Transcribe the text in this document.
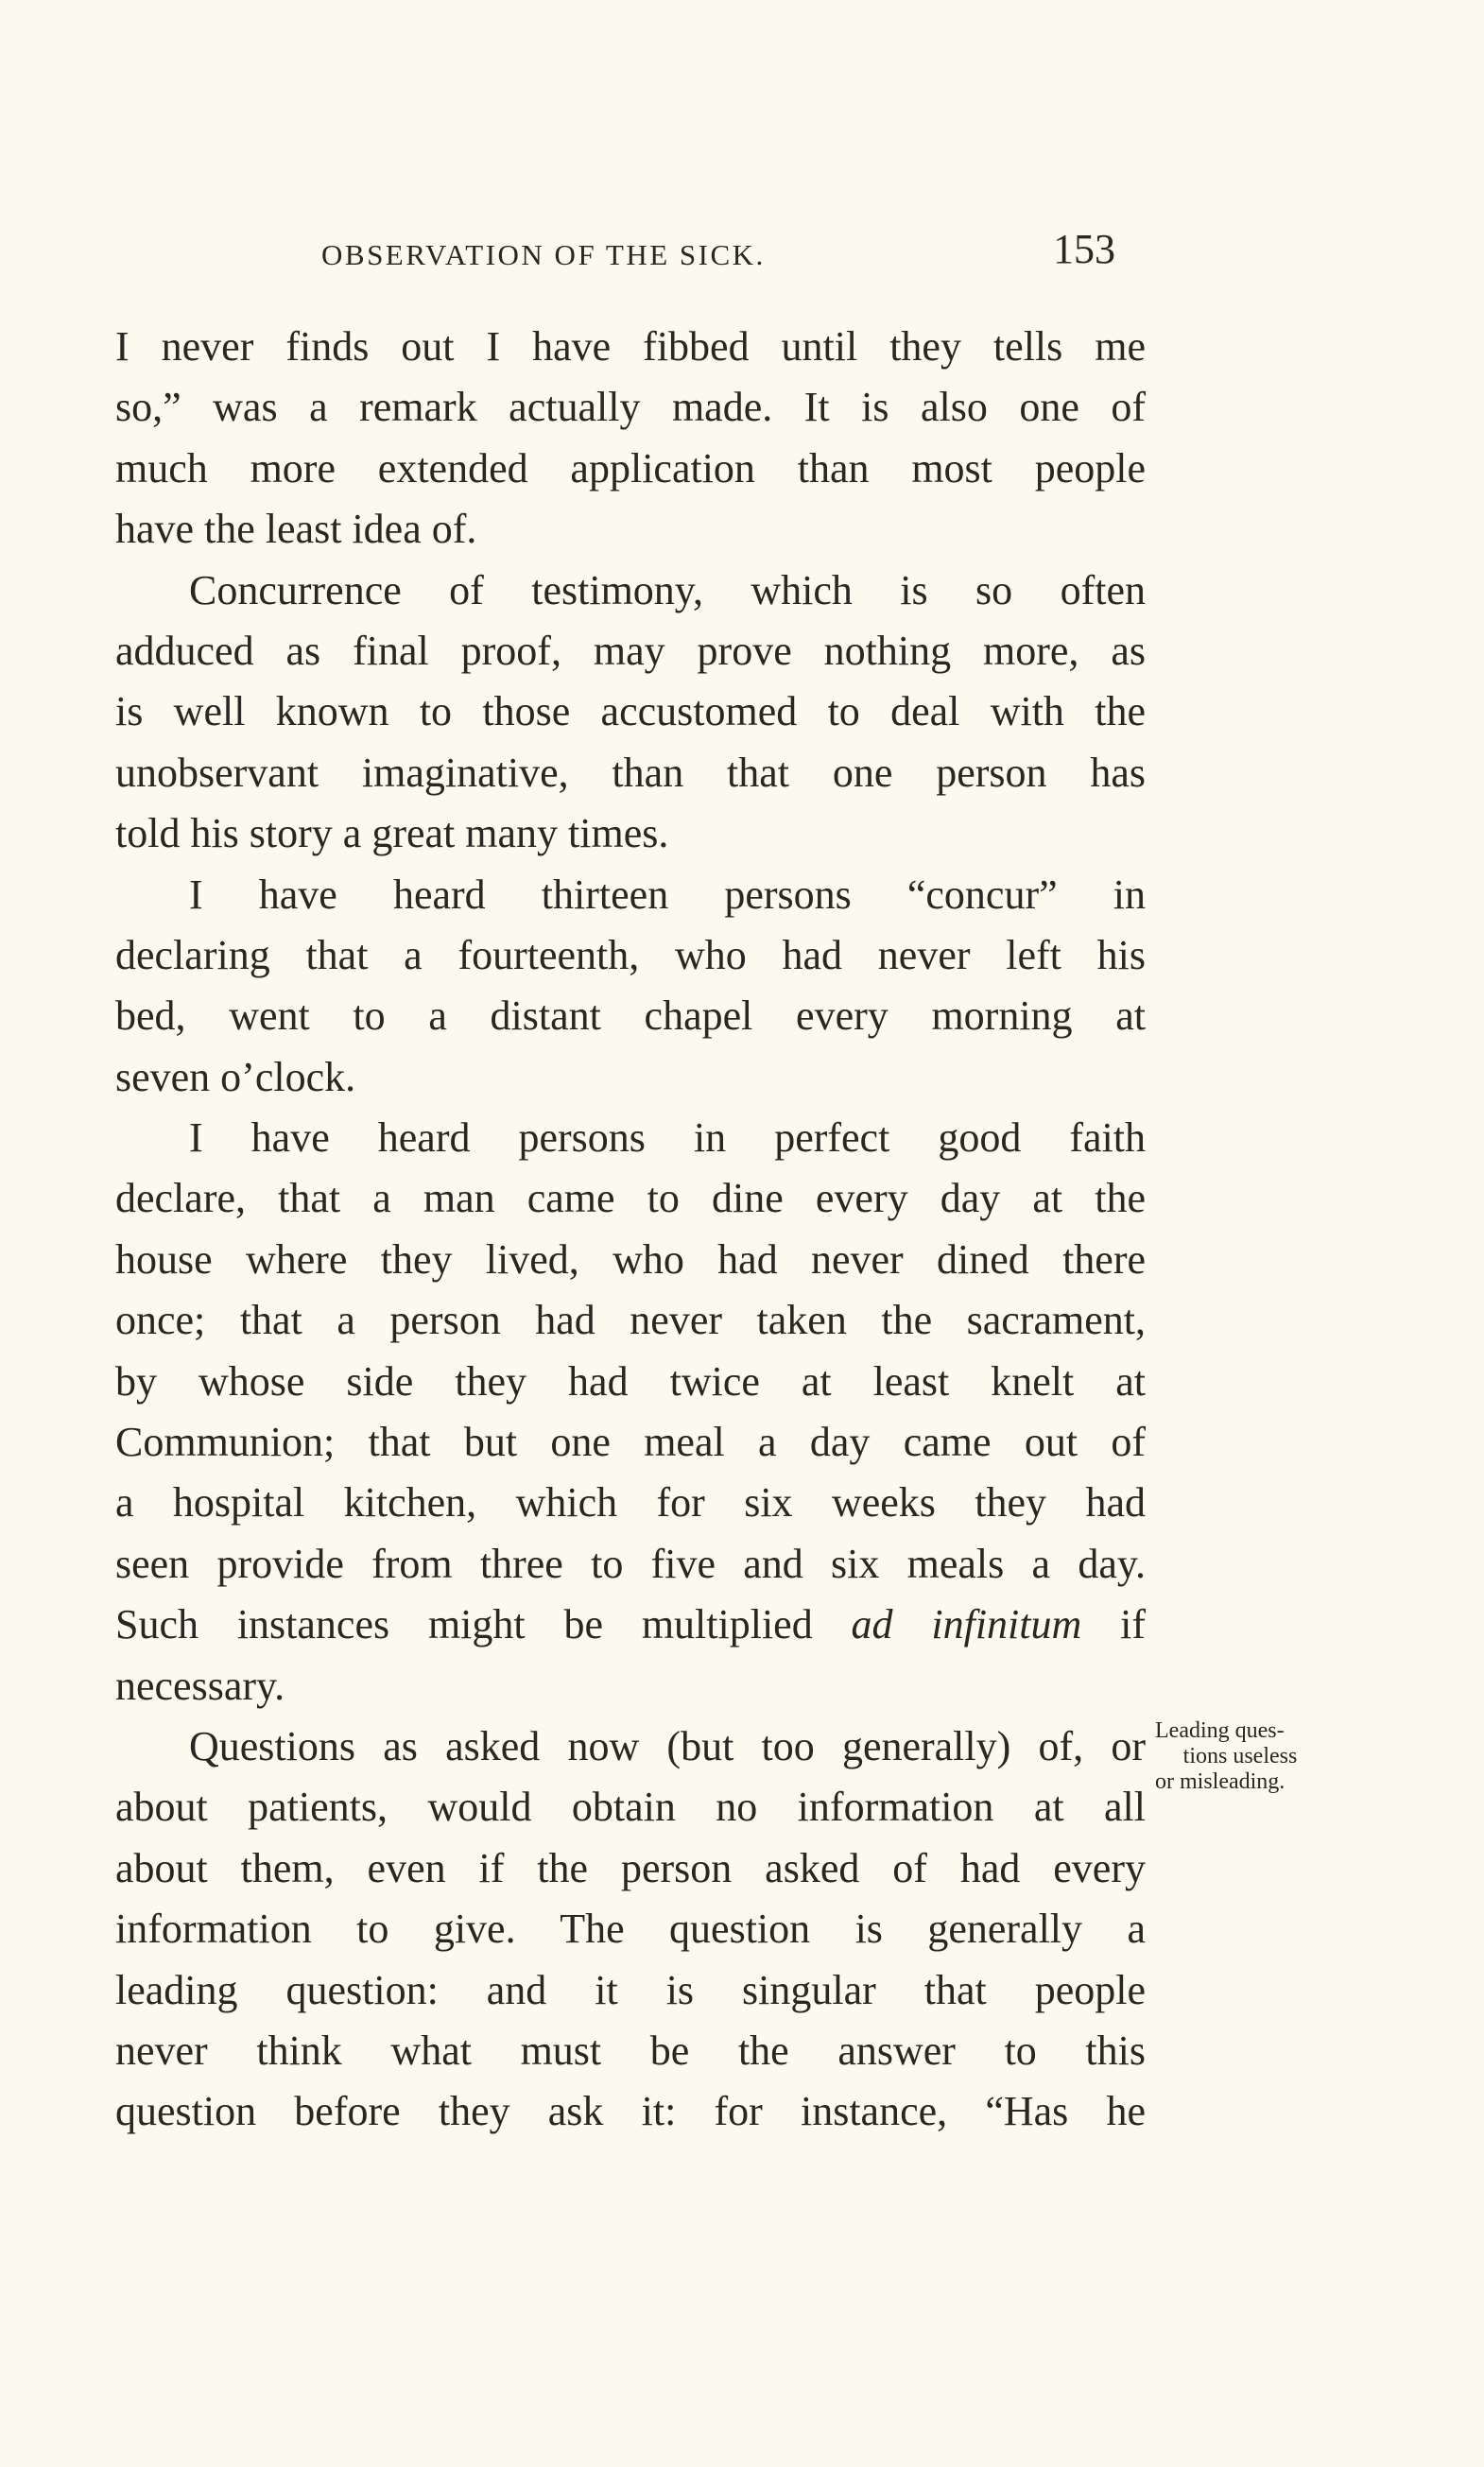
OBSERVATION OF THE SICK.	153
I never finds out I have fibbed until they tells me
so,” was a remark actually made. It is also one of
much more extended application than most people
have the least idea of.
Concurrence of testimony, which is so often
adduced as final proof, may prove nothing more, as
is well known to those accustomed to deal with the
unobservant imaginative, than that one person has
told his story a great many times.
I have heard thirteen persons “concur” in
declaring that a fourteenth, who had never left his
bed, went to a distant chapel every morning at
seven o’clock.
I have heard persons in perfect good faith
declare, that a man came to dine every day at the
house where they lived, who had never dined there
once; that a person had never taken the sacrament,
by whose side they had twice at least knelt at
Communion; that but one meal a day came out of
a hospital kitchen, which for six weeks they had
seen provide from three to five and six meals a day.
Such instances might be multiplied ad infinitum if
necessary.
Questions as asked now (but too generally) of, or
about patients, would obtain no information at all
about them, even if the person asked of had every
information to give. The question is generally a
leading question: and it is singular that people
never think what must be the answer to this
question before they ask it: for instance, “Has he
Leading ques-
tions useless
or misleading.
